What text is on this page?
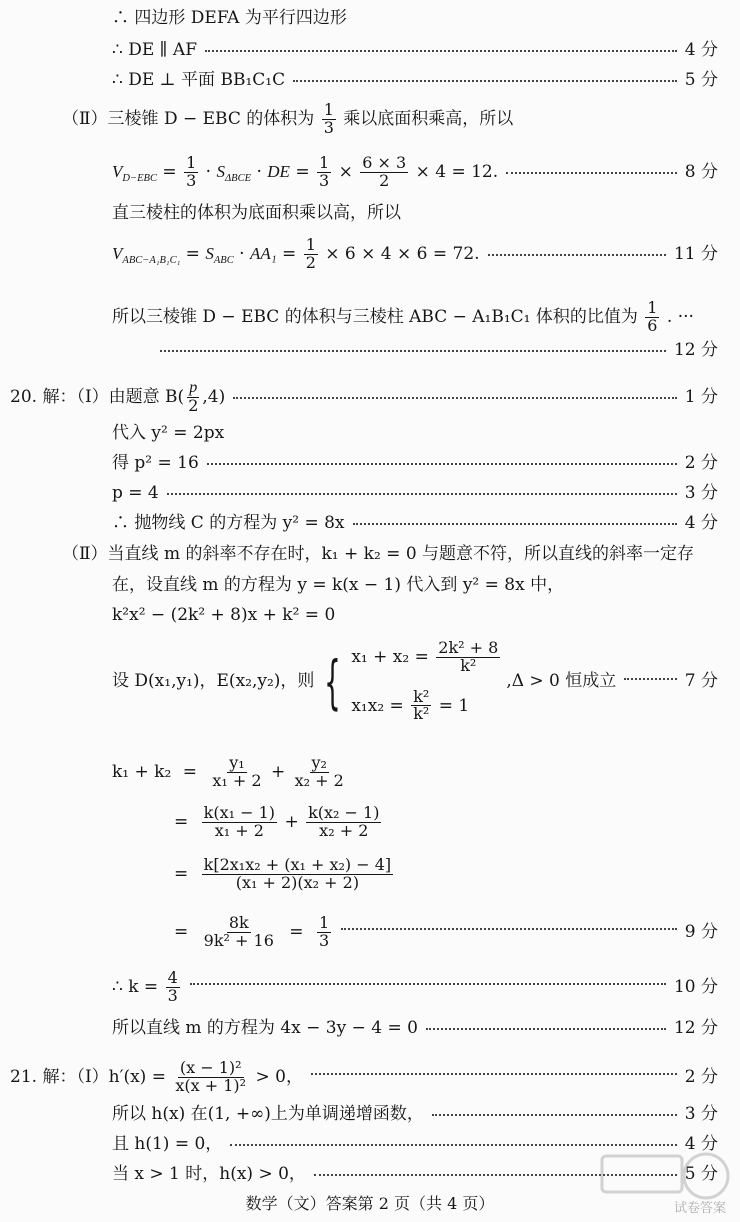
∴ 四边形 DEFA 为平行四边形
∴ DE ∥ AF	4 分
∴ DE ⊥ 平面 BB₁C₁C	5 分
（Ⅱ）三棱锥 D − EBC 的体积为 $\frac{1}{3}$ 乘以底面积乘高，所以
$V_{D-EBC} = \frac{1}{3} \cdot S_{\Delta BCE}$ · DE = $\frac{1}{3} \times \frac{6 \times 3}{2} \times 4 = 12$.	8 分
直三棱柱的体积为底面积乘以高，所以
$V_{ABC-A_1B_1C_1} = S_{ABC} \cdot AA_1 = \frac{1}{2} \times 6 \times 4 \times 6 = 72$.	11 分
所以三棱锥 D − EBC 的体积与三棱柱 ABC − A₁B₁C₁ 体积的比值为 $\frac{1}{6}$ . ···
12 分
20. 解：（Ⅰ）由题意 $B( \frac{p}{2} ,4)$	1 分
代入 y² = 2px
得 p² = 16	2 分
p = 4	3 分
∴ 抛物线 C 的方程为 y² = 8x	4 分
（Ⅱ）当直线 m 的斜率不存在时，k₁ + k₂ = 0 与题意不符，所以直线的斜率一定存
在，设直线 m 的方程为 y = k(x − 1) 代入到 y² = 8x 中，
k²x² − (2k² + 8)x + k² = 0
设 D(x₁,y₁)，E(x₂,y₂)，则 { $x_1 + x_2 = \frac{\text{2k² + 8}}{\text{k²}}$
$x_1x_2 = \frac{\text{k²}}{\text{k²}} = 1$
,Δ > 0 恒成立	7 分
$k_1 + k_2 = \frac{\text{y₁}}{\text{x₁ + 2}} + \frac{\text{y₂}}{\text{x₂ + 2}}$
= $\frac{\text{k(x₁ − 1)}}{\text{x₁ + 2}} + \frac{\text{k(x₂ − 1)}}{\text{x₂ + 2}}$
= $\frac{\text{k[2x₁x₂ + (x₁ + x₂) − 4]}}{\text{(x₁ + 2)(x₂ + 2)}}$
= $\frac{8k}{\text{9k² + 16}} = \frac{1}{3}$	9 分
∴ $k = \frac{4}{3}$	10 分
所以直线 m 的方程为 4x − 3y − 4 = 0	12 分
21. 解：（Ⅰ）h′(x) = $\frac{\text{(x − 1)²}}{\text{x(x + 1)²}} > 0$，	2 分
所以 h(x) 在(1, +∞)上为单调递增函数，	3 分
且 h(1) = 0，	4 分
当 x > 1 时，h(x) > 0，	5 分
数学（文）答案第 2 页（共 4 页）	试卷答案
